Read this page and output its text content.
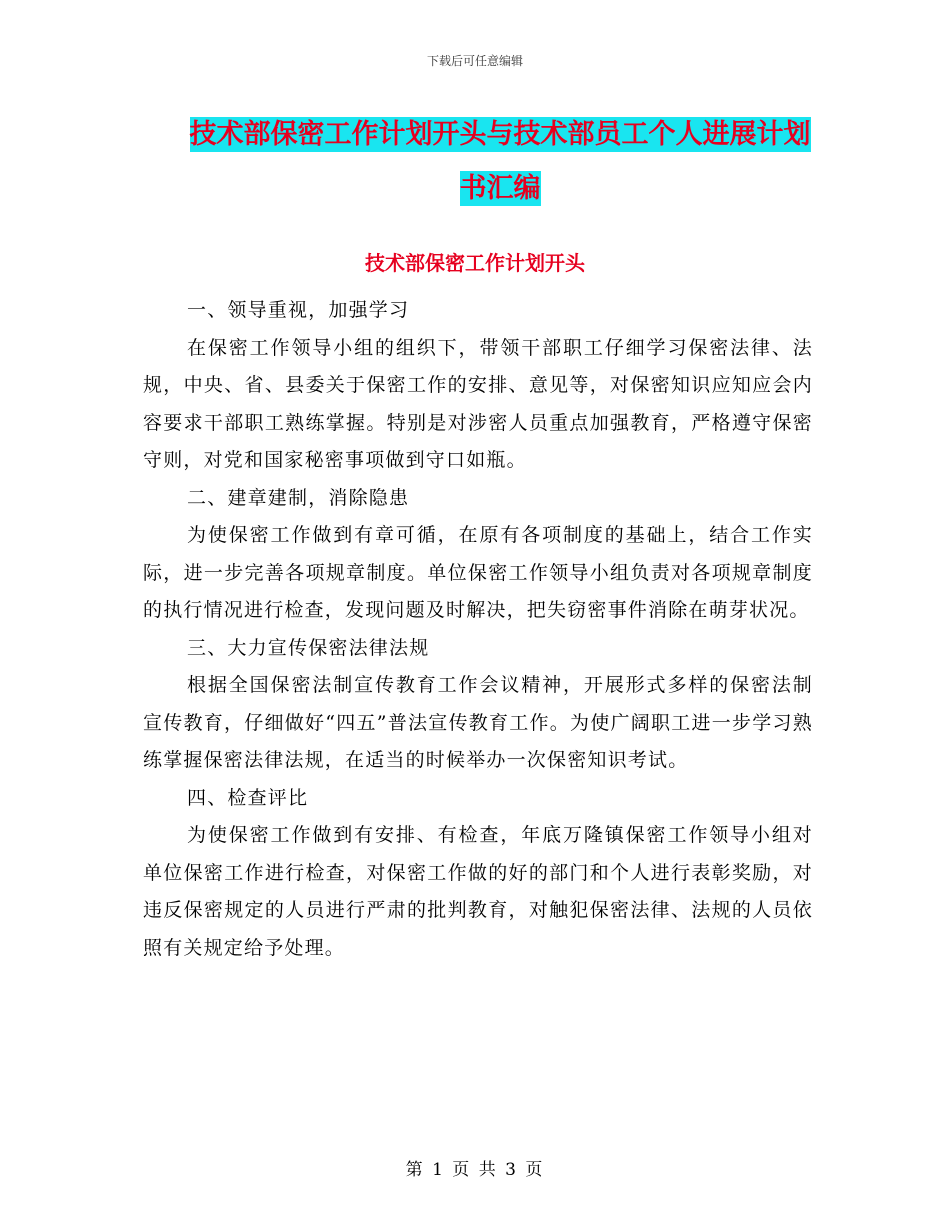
下载后可任意编辑
技术部保密工作计划开头与技术部员工个人进展计划
书汇编
技术部保密工作计划开头

一、领导重视，加强学习

在保密工作领导小组的组织下，带领干部职工仔细学习保密法律、法规，中央、省、县委关于保密工作的安排、意见等，对保密知识应知应会内容要求干部职工熟练掌握。特别是对涉密人员重点加强教育，严格遵守保密守则，对党和国家秘密事项做到守口如瓶。

二、建章建制，消除隐患

为使保密工作做到有章可循，在原有各项制度的基础上，结合工作实际，进一步完善各项规章制度。单位保密工作领导小组负责对各项规章制度的执行情况进行检查，发现问题及时解决，把失窃密事件消除在萌芽状况。

三、大力宣传保密法律法规

根据全国保密法制宣传教育工作会议精神，开展形式多样的保密法制宣传教育，仔细做好“四五”普法宣传教育工作。为使广阔职工进一步学习熟练掌握保密法律法规，在适当的时候举办一次保密知识考试。

四、检查评比

为使保密工作做到有安排、有检查，年底万隆镇保密工作领导小组对单位保密工作进行检查，对保密工作做的好的部门和个人进行表彰奖励，对违反保密规定的人员进行严肃的批判教育，对触犯保密法律、法规的人员依照有关规定给予处理。

第 1 页 共 3 页
